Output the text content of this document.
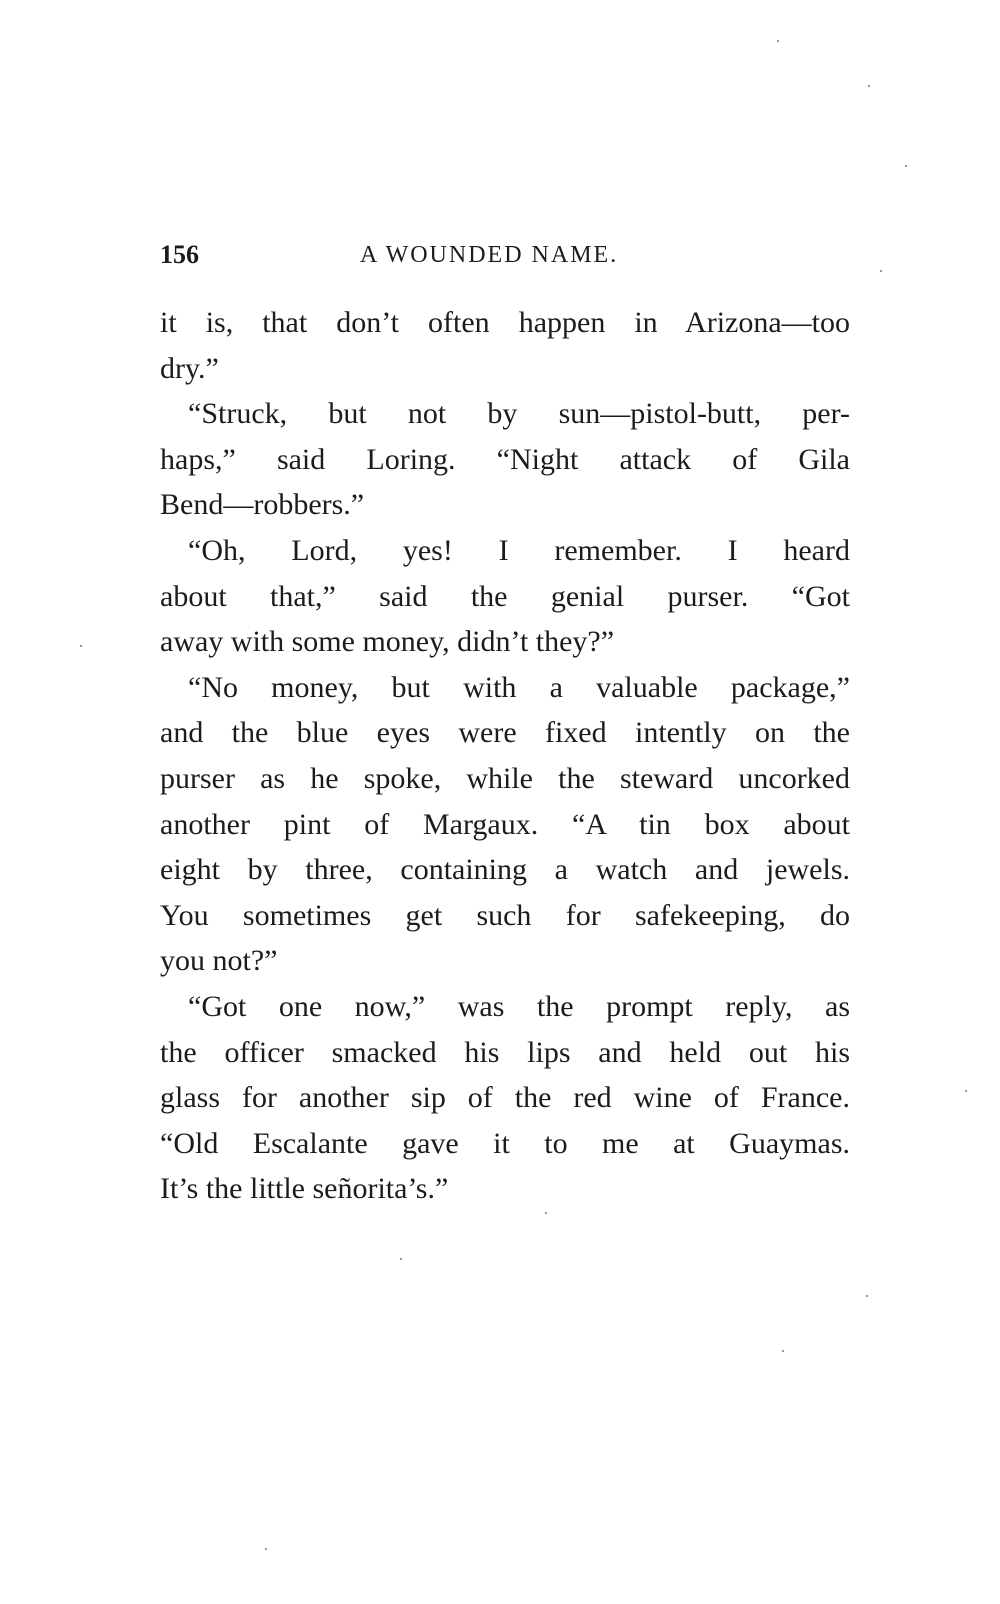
156	A WOUNDED NAME.
it is, that don’t often happen in Arizona—too
dry.”
“Struck, but not by sun—pistol-butt, per-
haps,” said Loring. “Night attack of Gila
Bend—robbers.”
“Oh, Lord, yes! I remember. I heard
about that,” said the genial purser. “Got
away with some money, didn’t they?”
“No money, but with a valuable package,”
and the blue eyes were fixed intently on the
purser as he spoke, while the steward uncorked
another pint of Margaux. “A tin box about
eight by three, containing a watch and jewels.
You sometimes get such for safekeeping, do
you not?”
“Got one now,” was the prompt reply, as
the officer smacked his lips and held out his
glass for another sip of the red wine of France.
“Old Escalante gave it to me at Guaymas.
It’s the little señorita’s.”
